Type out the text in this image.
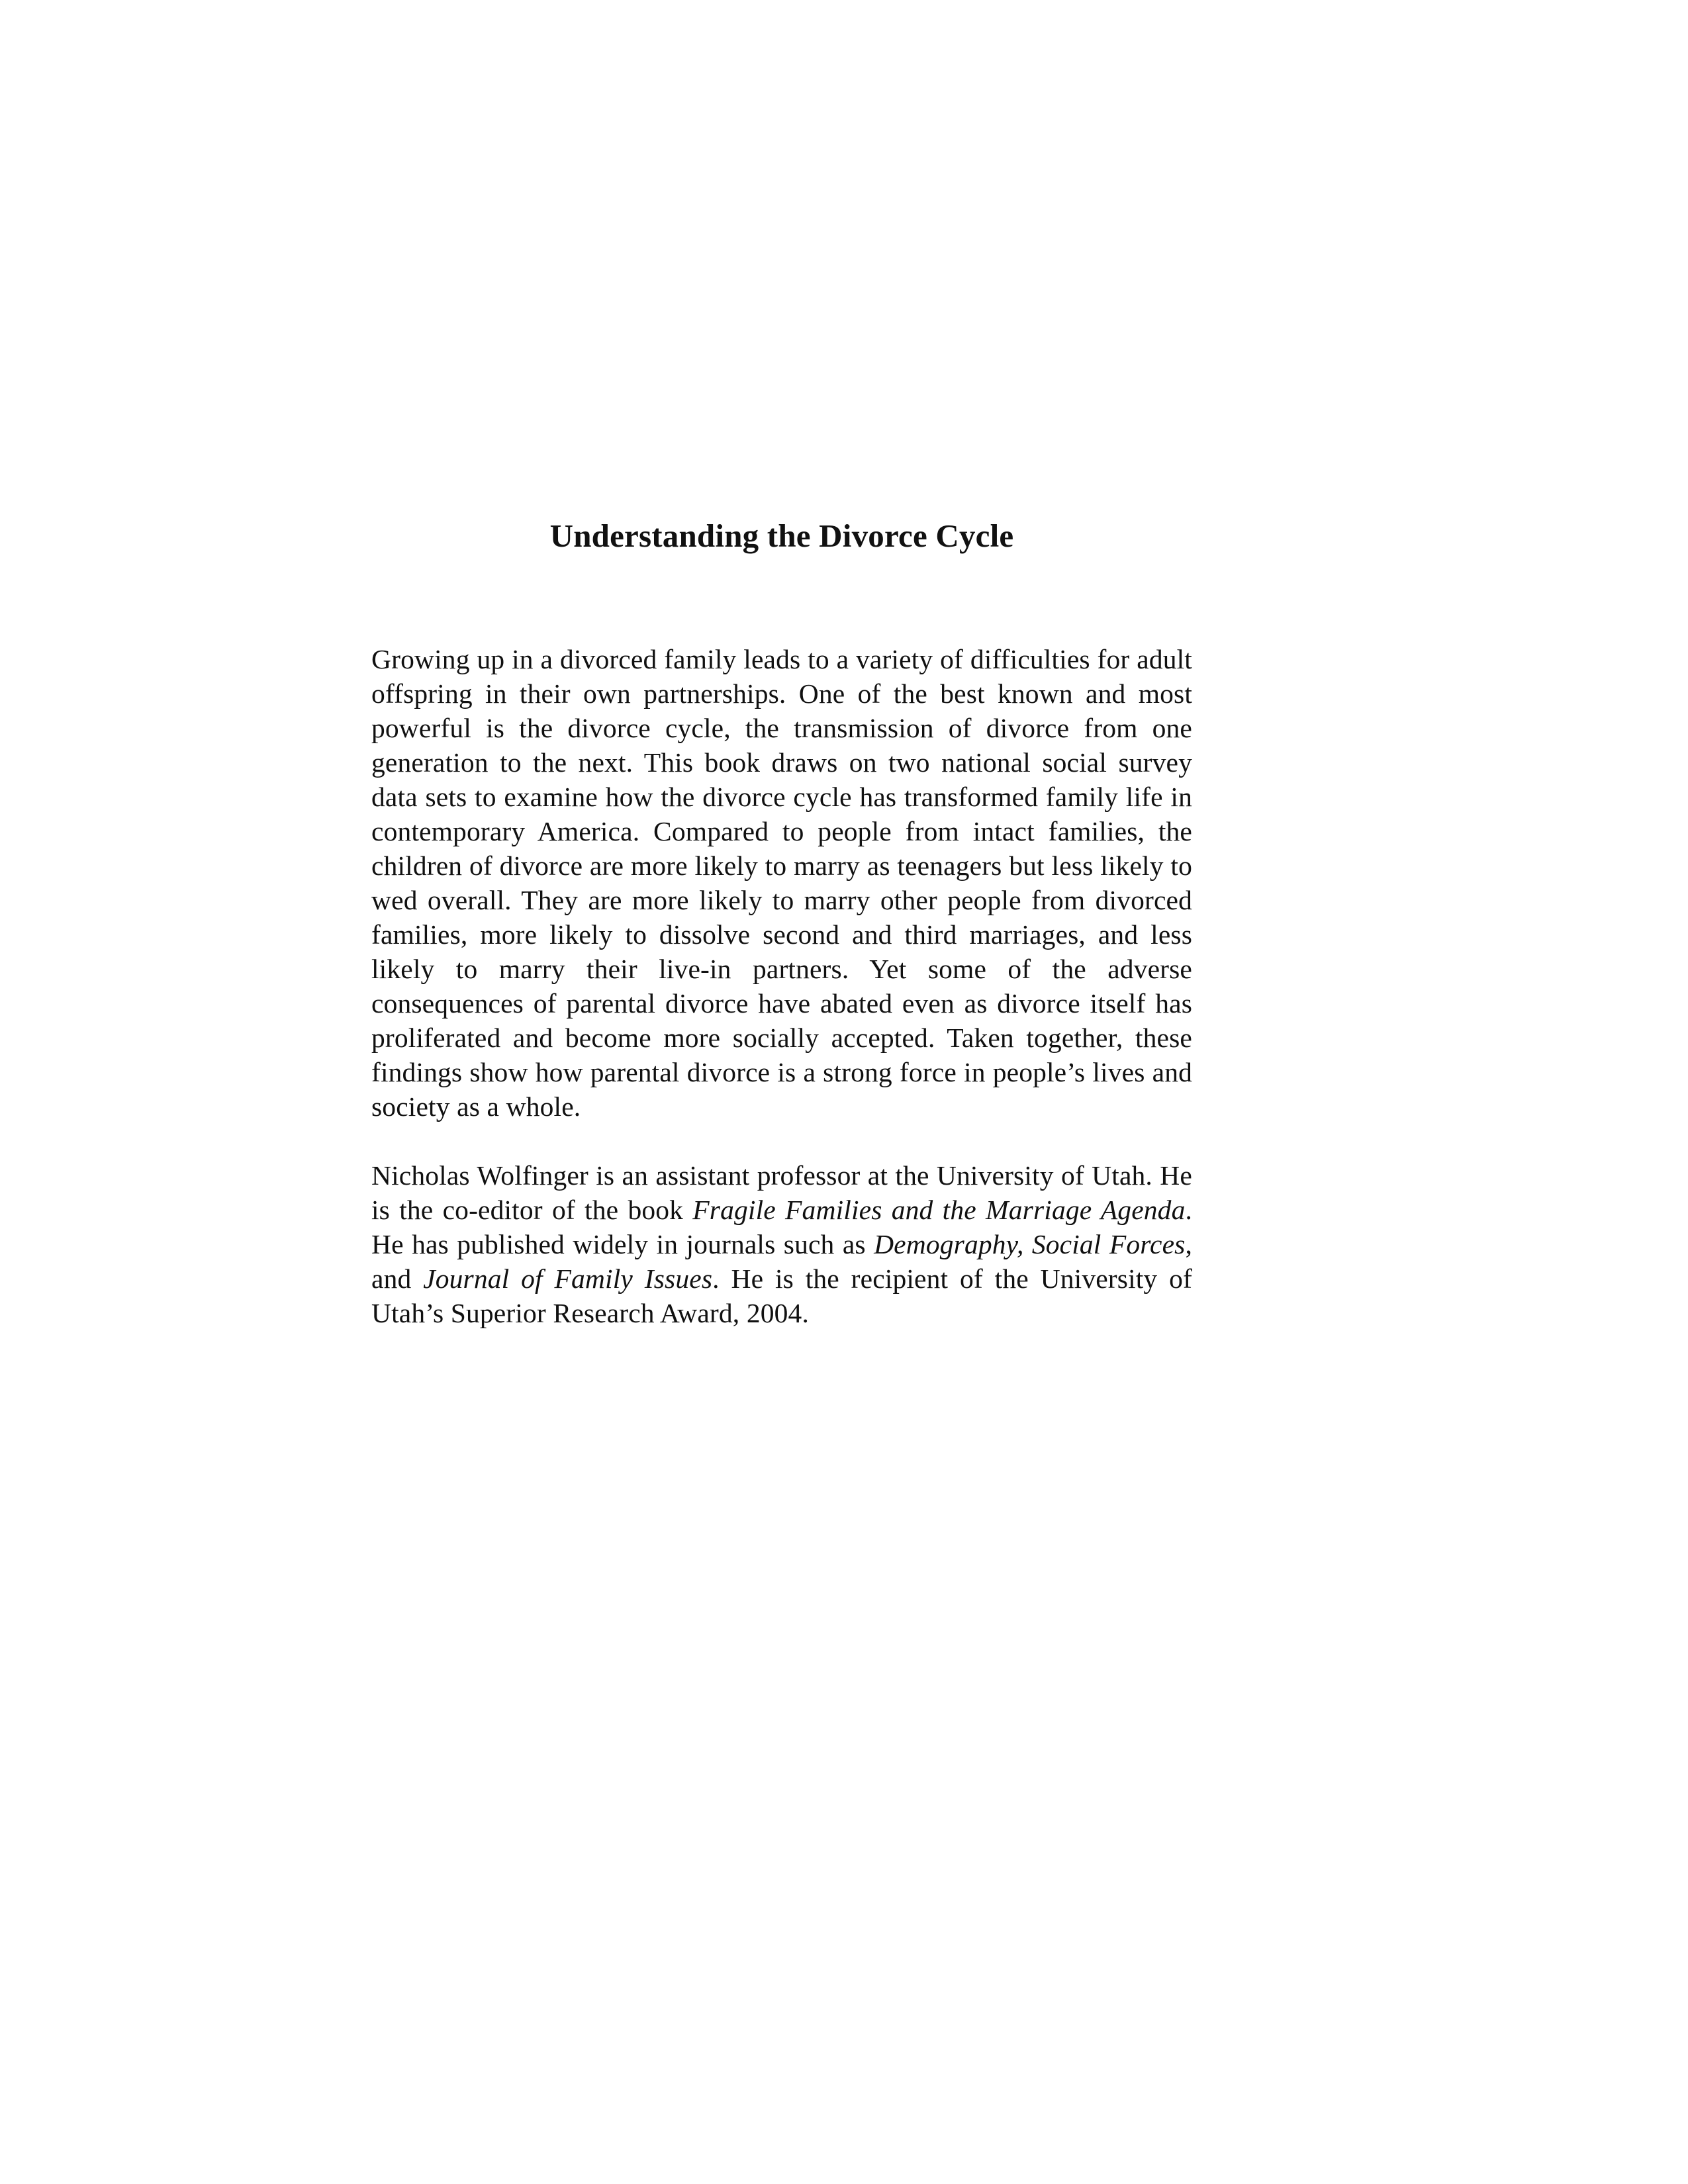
Understanding the Divorce Cycle

Growing up in a divorced family leads to a variety of difficulties for adult offspring in their own partnerships. One of the best known and most powerful is the divorce cycle, the transmission of divorce from one generation to the next. This book draws on two national social survey data sets to examine how the divorce cycle has transformed family life in contemporary America. Compared to people from intact families, the children of divorce are more likely to marry as teenagers but less likely to wed overall. They are more likely to marry other people from divorced families, more likely to dissolve second and third marriages, and less likely to marry their live-in partners. Yet some of the adverse consequences of parental divorce have abated even as divorce itself has proliferated and become more socially accepted. Taken together, these findings show how parental divorce is a strong force in people’s lives and society as a whole.

Nicholas Wolfinger is an assistant professor at the University of Utah. He is the co-editor of the book Fragile Families and the Marriage Agenda. He has published widely in journals such as Demography, Social Forces, and Journal of Family Issues. He is the recipient of the University of Utah’s Superior Research Award, 2004.
